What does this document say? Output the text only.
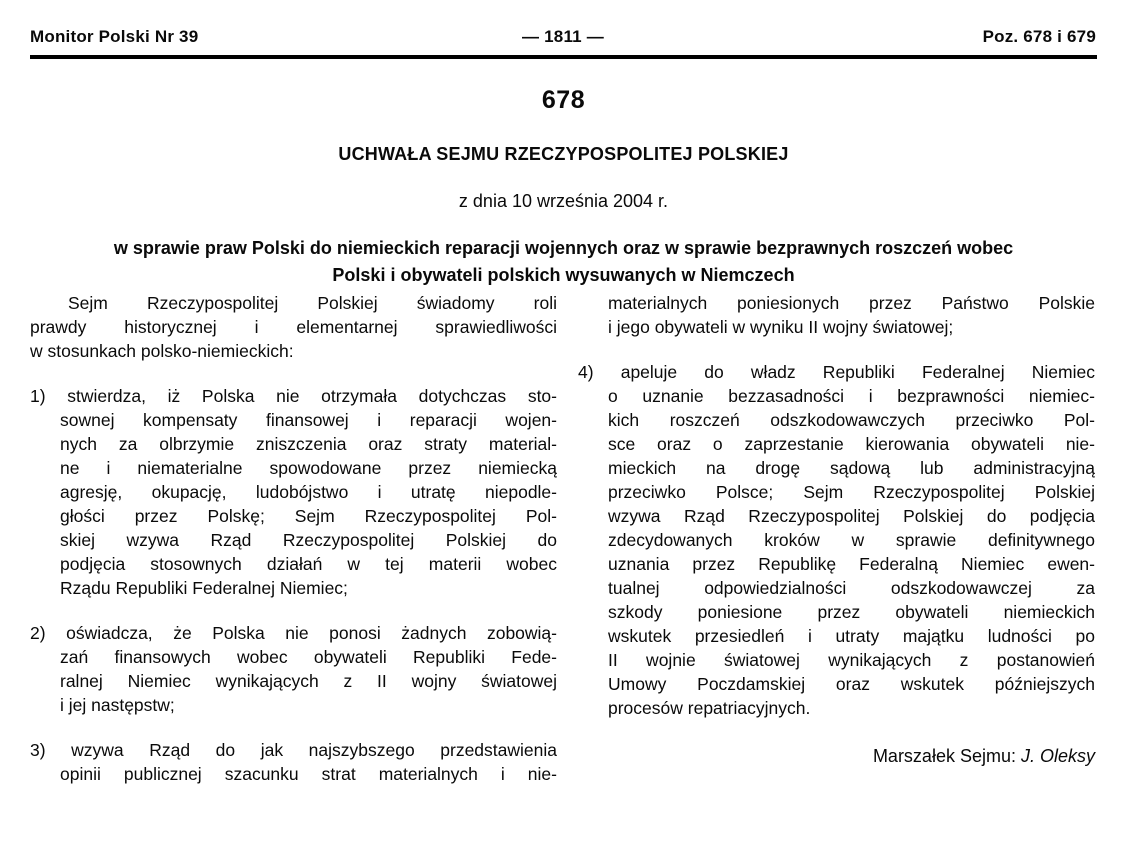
Monitor Polski Nr 39	— 1811 —	Poz. 678 i 679
678
UCHWAŁA SEJMU RZECZYPOSPOLITEJ POLSKIEJ
z dnia 10 września 2004 r.
w sprawie praw Polski do niemieckich reparacji wojennych oraz w sprawie bezprawnych roszczeń wobec
Polski i obywateli polskich wysuwanych w Niemczech
Sejm Rzeczypospolitej Polskiej świadomy roli
prawdy historycznej i elementarnej sprawiedliwości
w stosunkach polsko-niemieckich:
1) stwierdza, iż Polska nie otrzymała dotychczas sto-
sownej kompensaty finansowej i reparacji wojen-
nych za olbrzymie zniszczenia oraz straty material-
ne i niematerialne spowodowane przez niemiecką
agresję, okupację, ludobójstwo i utratę niepodle-
głości przez Polskę; Sejm Rzeczypospolitej Pol-
skiej wzywa Rząd Rzeczypospolitej Polskiej do
podjęcia stosownych działań w tej materii wobec
Rządu Republiki Federalnej Niemiec;
2) oświadcza, że Polska nie ponosi żadnych zobowią-
zań finansowych wobec obywateli Republiki Fede-
ralnej Niemiec wynikających z II wojny światowej
i jej następstw;
3) wzywa Rząd do jak najszybszego przedstawienia
opinii publicznej szacunku strat materialnych i nie-
materialnych poniesionych przez Państwo Polskie
i jego obywateli w wyniku II wojny światowej;
4) apeluje do władz Republiki Federalnej Niemiec
o uznanie bezzasadności i bezprawności niemiec-
kich roszczeń odszkodowawczych przeciwko Pol-
sce oraz o zaprzestanie kierowania obywateli nie-
mieckich na drogę sądową lub administracyjną
przeciwko Polsce; Sejm Rzeczypospolitej Polskiej
wzywa Rząd Rzeczypospolitej Polskiej do podjęcia
zdecydowanych kroków w sprawie definitywnego
uznania przez Republikę Federalną Niemiec ewen-
tualnej odpowiedzialności odszkodowawczej za
szkody poniesione przez obywateli niemieckich
wskutek przesiedleń i utraty majątku ludności po
II wojnie światowej wynikających z postanowień
Umowy Poczdamskiej oraz wskutek późniejszych
procesów repatriacyjnych.
Marszałek Sejmu: J. Oleksy
